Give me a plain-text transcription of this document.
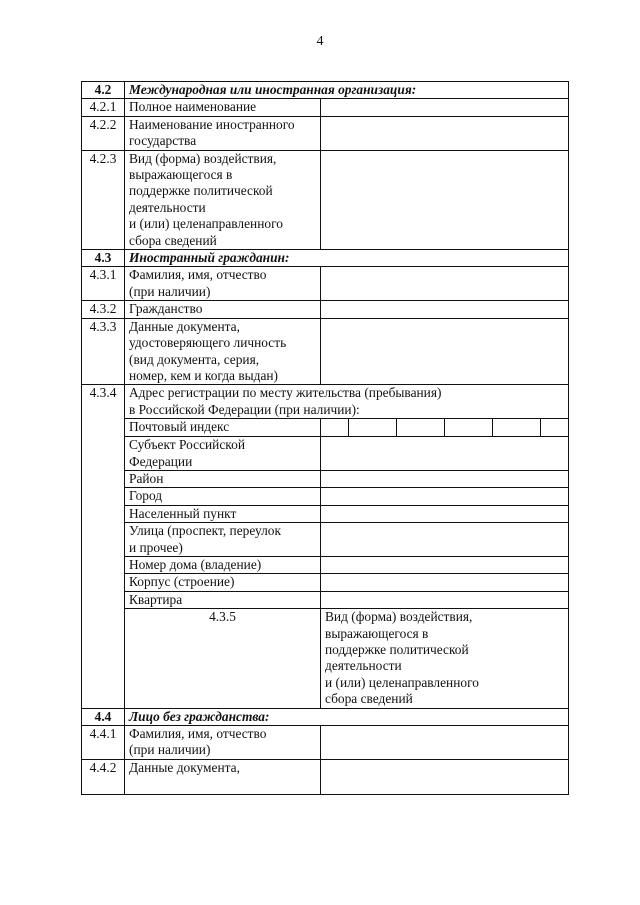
4
4.2	Международная или иностранная организация:
4.2.1	Полное наименование	
4.2.2	Наименование иностранного
государства

4.2.3	Вид (форма) воздействия,
выражающегося в
поддержке политической
деятельности
и (или) целенаправленного
сбора сведений

4.3	Иностранный гражданин:
4.3.1	Фамилия, имя, отчество
(при наличии)

4.3.2	Гражданство	
4.3.3	Данные документа,
удостоверяющего личность
(вид документа, серия,
номер, кем и когда выдан)

4.3.4	Адрес регистрации по месту жительства (пребывания)
в Российской Федерации (при наличии):

Почтовый индекс	

Субъект Российской
Федерации

Район	
Город	
Населенный пункт	

Улица (проспект, переулок
и прочее)

Номер дома (владение)	
Корпус (строение)	
Квартира	
4.3.5	Вид (форма) воздействия,
выражающегося в
поддержке политической
деятельности
и (или) целенаправленного
сбора сведений

4.4	Лицо без гражданства:
4.4.1	Фамилия, имя, отчество
(при наличии)

4.4.2	Данные документа,	
